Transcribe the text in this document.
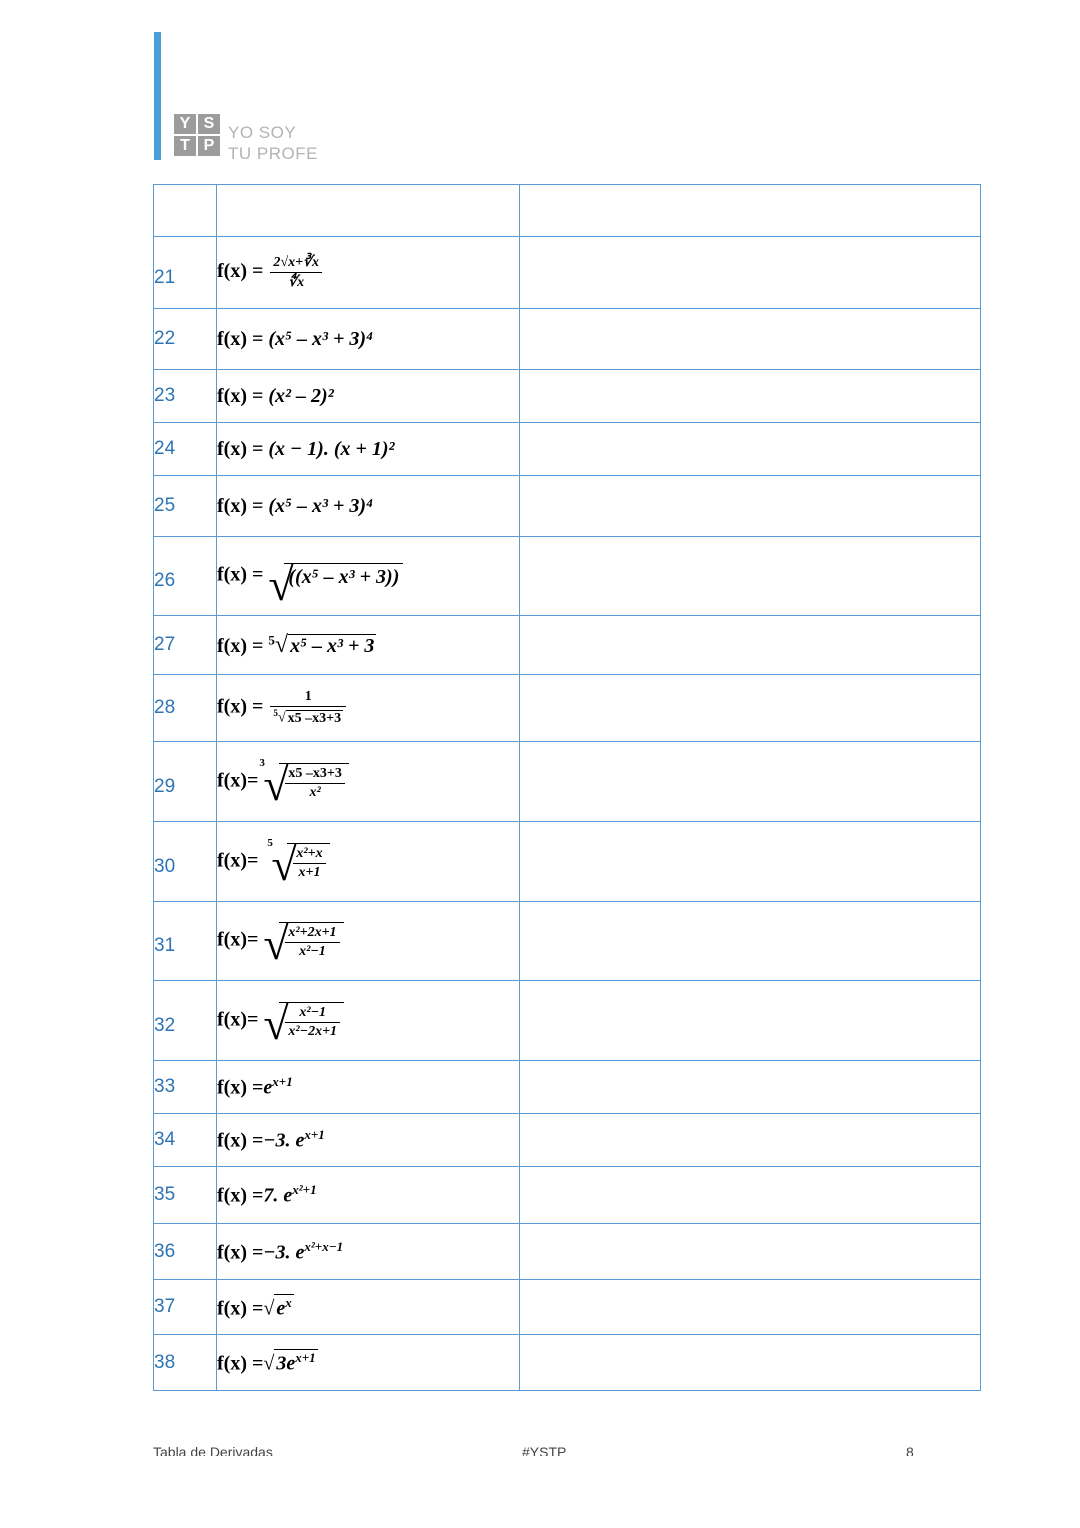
Y S
T P
YO SOY
TU PROFE

21	$f(x) = \frac{2√x+∛x}{∜x}$

22	f(x) = (x⁵ – x³ + 3)⁴	
23	f(x) = (x² – 2)²	
24	f(x) = (x − 1). (x + 1)²	
25	f(x) = (x⁵ – x³ + 3)⁴	
26	f(x) = √
((x⁵ – x³ + 3))	
27	f(x) = $^5$√ x⁵ – x³ + 3	
28	$f(x) = \frac{1}{^5√ x5 -x3+3}$

29	f(x)=
3
√
$\frac{x5 -x3+3}{\text{x²}}$

30	f(x)=
5
√
$\frac{\text{x²+x}}{x+1}$

31	f(x)= √
$\frac{\text{x²+2x+1}}{\text{x²−1}}$

32	f(x)= √
$\frac{\text{x²−1}}{\text{x²−2x+1}}$

33	$f(x) =e^{x+1}$	
34	f(x) =−3. $e^{x+1}$	
35	f(x) =7. $e^{x^2+1}$	
36	f(x) =−3. $e^{x^2+x-1}$	
37	f(x) =√ $e^x$	
38	f(x) =√ $3e^{x+1}$	
Tabla de Derivadas	#YSTP	8
